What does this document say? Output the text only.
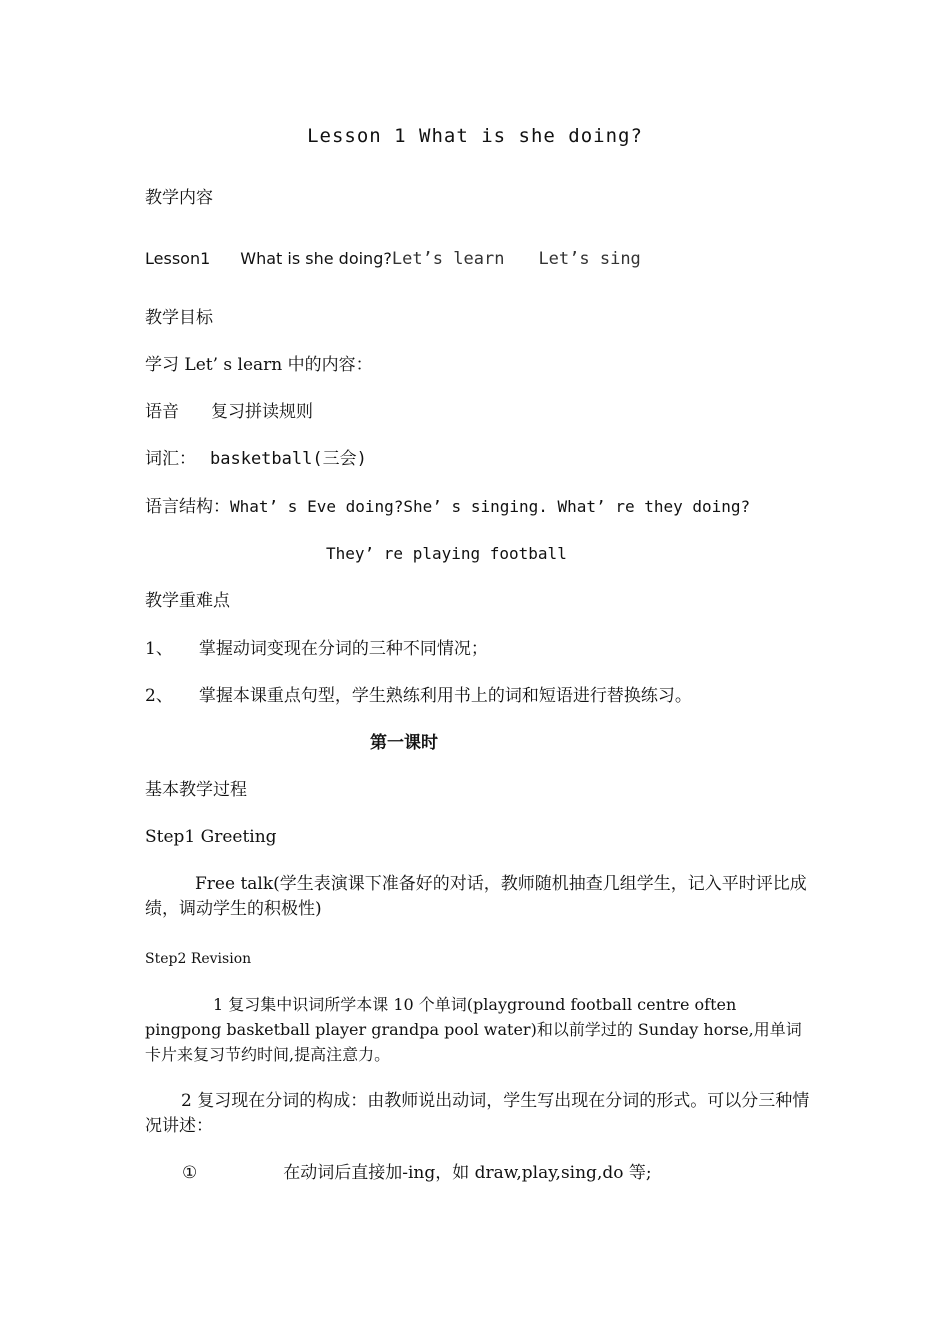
Lesson 1 What is she doing?
教学内容
Lesson1 What is she doing?Let’s learn Let’s sing
教学目标
学习 Let’ s learn 中的内容：
语音 复习拼读规则
词汇： basketball(三会)
语言结构：What’ s Eve doing?She’ s singing. What’ re they doing?
They’ re playing football
教学重难点
1、 掌握动词变现在分词的三种不同情况；
2、 掌握本课重点句型，学生熟练利用书上的词和短语进行替换练习。
第一课时
基本教学过程
Step1 Greeting
Free talk(学生表演课下准备好的对话，教师随机抽查几组学生，记入平时评比成绩，调动学生的积极性)
Step2 Revision
1 复习集中识词所学本课 10 个单词(playground football centre often pingpong basketball player grandpa pool water)和以前学过的 Sunday horse,用单词卡片来复习节约时间,提高注意力。
2 复习现在分词的构成：由教师说出动词，学生写出现在分词的形式。可以分三种情况讲述：
①	在动词后直接加-ing，如 draw,play,sing,do 等;
